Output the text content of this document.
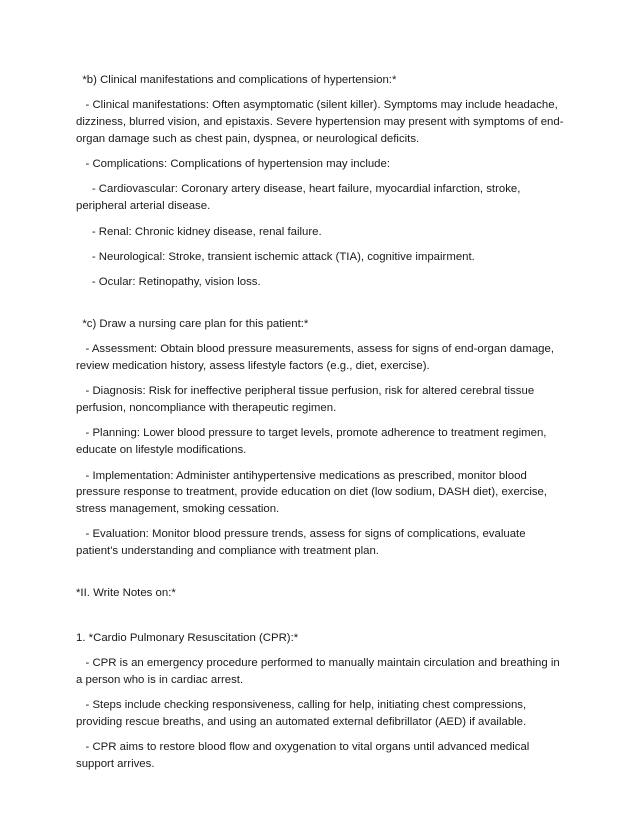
*b) Clinical manifestations and complications of hypertension:*

- Clinical manifestations: Often asymptomatic (silent killer). Symptoms may include headache, dizziness, blurred vision, and epistaxis. Severe hypertension may present with symptoms of end-organ damage such as chest pain, dyspnea, or neurological deficits.

- Complications: Complications of hypertension may include:

- Cardiovascular: Coronary artery disease, heart failure, myocardial infarction, stroke, peripheral arterial disease.

- Renal: Chronic kidney disease, renal failure.

- Neurological: Stroke, transient ischemic attack (TIA), cognitive impairment.

- Ocular: Retinopathy, vision loss.

*c) Draw a nursing care plan for this patient:*

- Assessment: Obtain blood pressure measurements, assess for signs of end-organ damage, review medication history, assess lifestyle factors (e.g., diet, exercise).

- Diagnosis: Risk for ineffective peripheral tissue perfusion, risk for altered cerebral tissue perfusion, noncompliance with therapeutic regimen.

- Planning: Lower blood pressure to target levels, promote adherence to treatment regimen, educate on lifestyle modifications.

- Implementation: Administer antihypertensive medications as prescribed, monitor blood pressure response to treatment, provide education on diet (low sodium, DASH diet), exercise, stress management, smoking cessation.

- Evaluation: Monitor blood pressure trends, assess for signs of complications, evaluate patient's understanding and compliance with treatment plan.

*II. Write Notes on:*

1. *Cardio Pulmonary Resuscitation (CPR):*

- CPR is an emergency procedure performed to manually maintain circulation and breathing in a person who is in cardiac arrest.

- Steps include checking responsiveness, calling for help, initiating chest compressions, providing rescue breaths, and using an automated external defibrillator (AED) if available.

- CPR aims to restore blood flow and oxygenation to vital organs until advanced medical support arrives.
